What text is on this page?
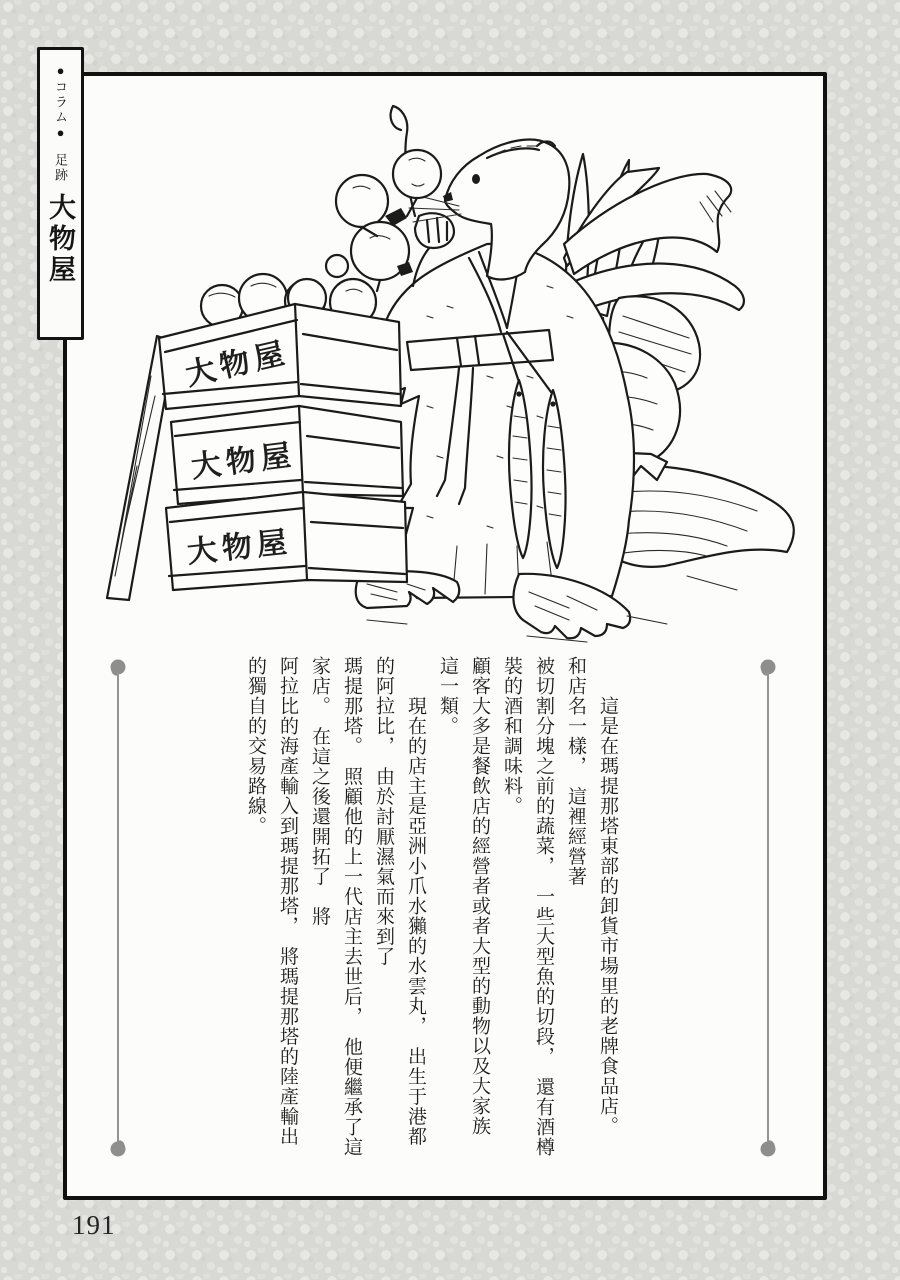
●コラム●
足跡
大物屋
大物屋
大物屋
大物屋
　　這是在瑪提那塔東部的卸貨市場里的老牌食品店。
和店名一樣，　這裡經營著
被切割分塊之前的蔬菜，　一些大型魚的切段，　還有酒樽
裝的酒和調味料。
顧客大多是餐飲店的經營者或者大型的動物以及大家族
這一類。
　　現在的店主是亞洲小爪水獺的水雲丸，　出生于港都
的阿拉比，　由於討厭濕氣而來到了
瑪提那塔。　照顧他的上一代店主去世后，　他便繼承了這
家店。　在這之後還開拓了　將
阿拉比的海產輸入到瑪提那塔，　將瑪提那塔的陸產輸出
的獨自的交易路線。
191
